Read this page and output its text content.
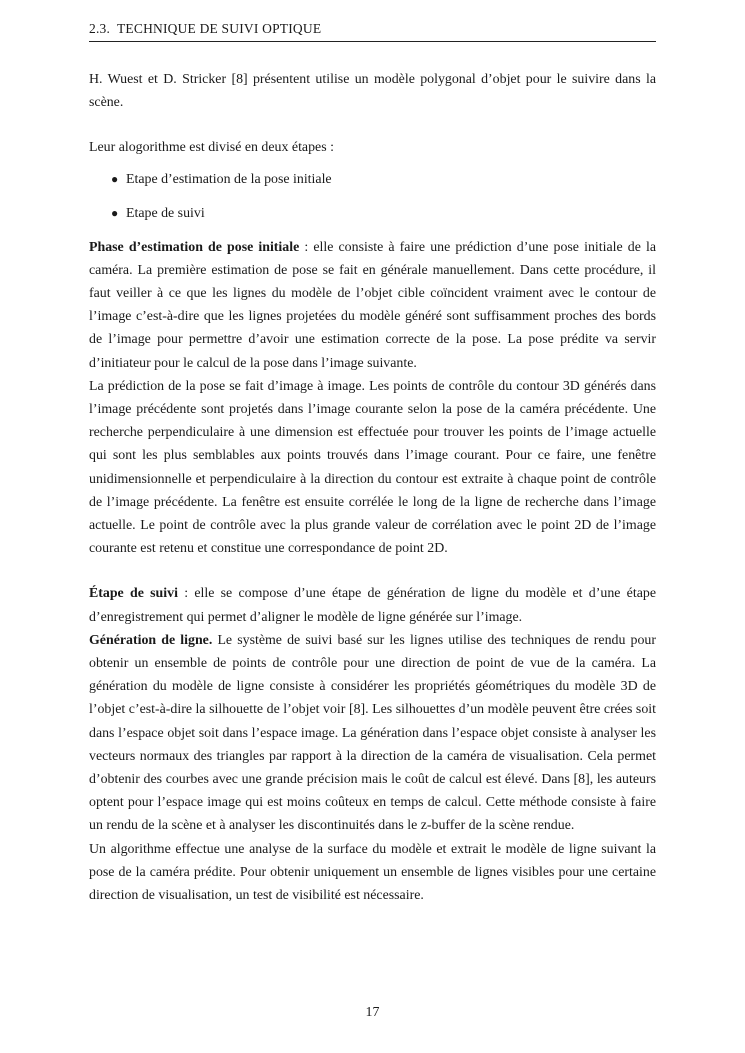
2.3. TECHNIQUE DE SUIVI OPTIQUE

H. Wuest et D. Stricker [8] présentent utilise un modèle polygonal d’objet pour le suivire dans la scène.

Leur alogorithme est divisé en deux étapes :

● Etape d’estimation de la pose initiale
● Etape de suivi

Phase d’estimation de pose initiale : elle consiste à faire une prédiction d’une pose initiale de la caméra. La première estimation de pose se fait en générale manuellement. Dans cette procédure, il faut veiller à ce que les lignes du modèle de l’objet cible coïncident vraiment avec le contour de l’image c’est-à-dire que les lignes projetées du modèle généré sont suffisamment proches des bords de l’image pour permettre d’avoir une estimation correcte de la pose. La pose prédite va servir d’initiateur pour le calcul de la pose dans l’image suivante.

La prédiction de la pose se fait d’image à image. Les points de contrôle du contour 3D générés dans l’image précédente sont projetés dans l’image courante selon la pose de la caméra précédente. Une recherche perpendiculaire à une dimension est effectuée pour trouver les points de l’image actuelle qui sont les plus semblables aux points trouvés dans l’image courant. Pour ce faire, une fenêtre unidimensionnelle et perpendiculaire à la direction du contour est extraite à chaque point de contrôle de l’image précédente. La fenêtre est ensuite corrélée le long de la ligne de recherche dans l’image actuelle. Le point de contrôle avec la plus grande valeur de corrélation avec le point 2D de l’image courante est retenu et constitue une correspondance de point 2D.

Étape de suivi : elle se compose d’une étape de génération de ligne du modèle et d’une étape d’enregistrement qui permet d’aligner le modèle de ligne générée sur l’image.

Génération de ligne. Le système de suivi basé sur les lignes utilise des techniques de rendu pour obtenir un ensemble de points de contrôle pour une direction de point de vue de la caméra. La génération du modèle de ligne consiste à considérer les propriétés géométriques du modèle 3D de l’objet c’est-à-dire la silhouette de l’objet voir [8]. Les silhouettes d’un modèle peuvent être crées soit dans l’espace objet soit dans l’espace image. La génération dans l’espace objet consiste à analyser les vecteurs normaux des triangles par rapport à la direction de la caméra de visualisation. Cela permet d’obtenir des courbes avec une grande précision mais le coût de calcul est élevé. Dans [8], les auteurs optent pour l’espace image qui est moins coûteux en temps de calcul. Cette méthode consiste à faire un rendu de la scène et à analyser les discontinuités dans le z-buffer de la scène rendue.

Un algorithme effectue une analyse de la surface du modèle et extrait le modèle de ligne suivant la pose de la caméra prédite. Pour obtenir uniquement un ensemble de lignes visibles pour une certaine direction de visualisation, un test de visibilité est nécessaire.

17
